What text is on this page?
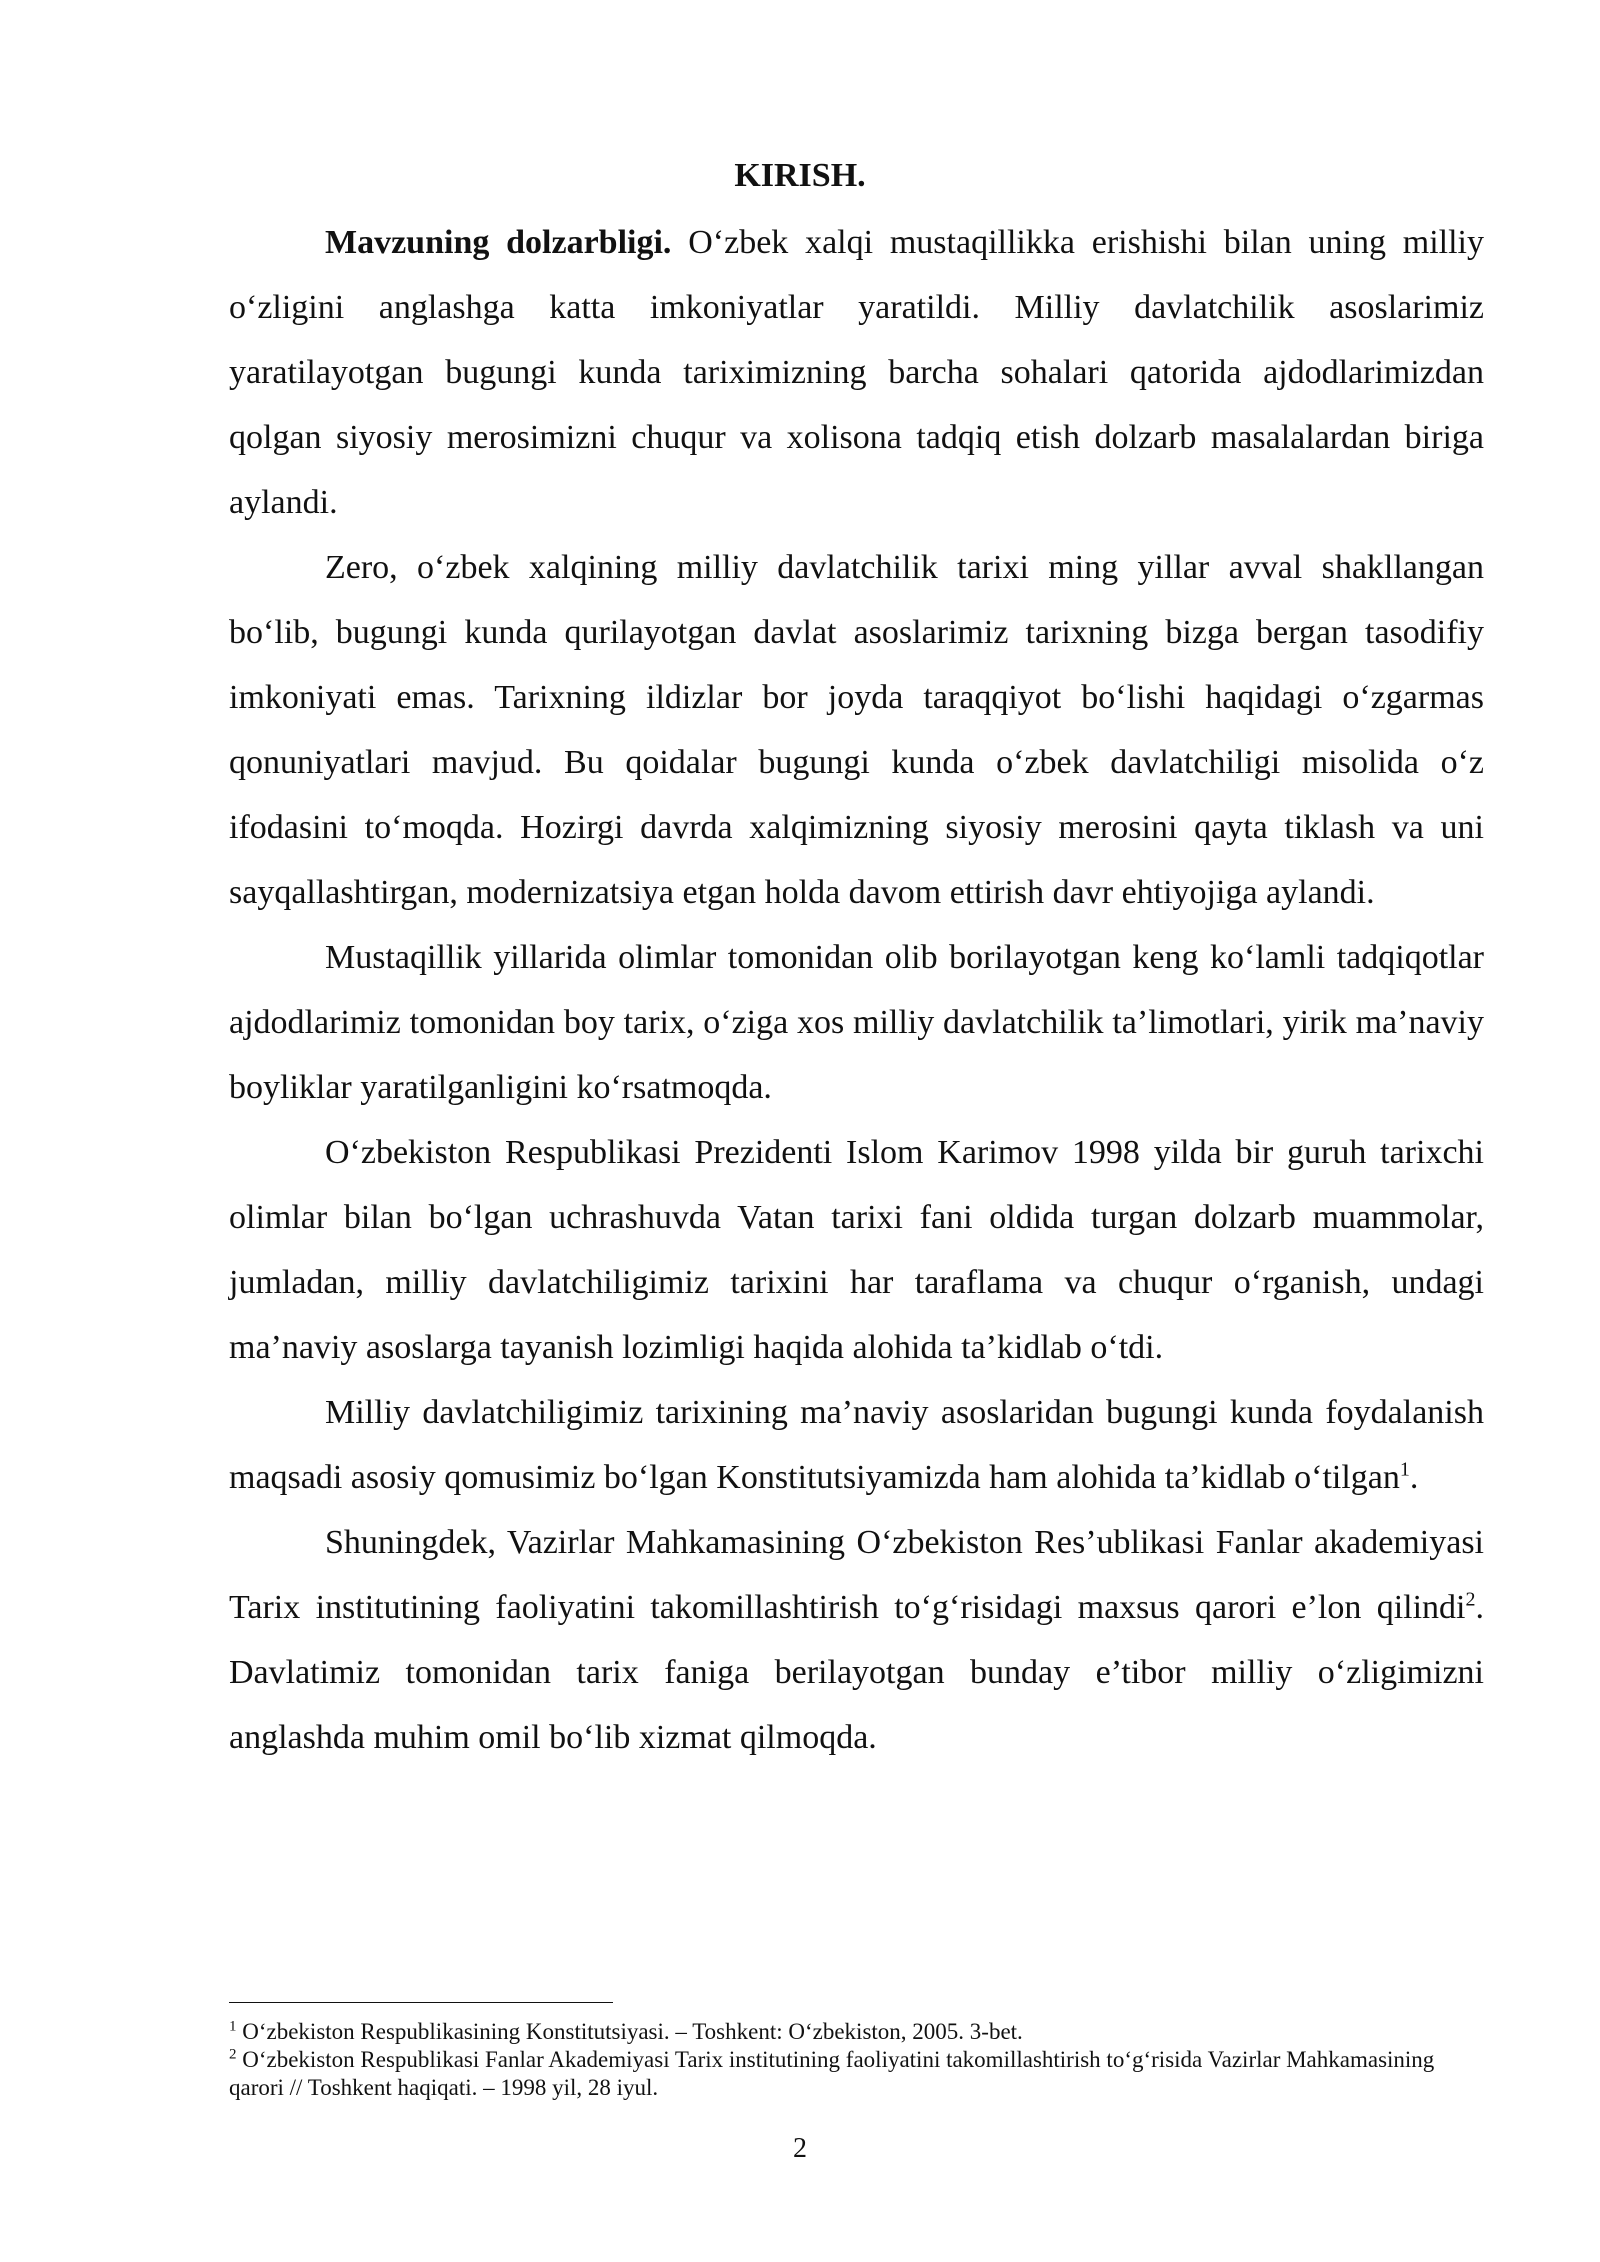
KIRISH.

Mavzuning dolzarbligi. O‘zbek xalqi mustaqillikka erishishi bilan uning milliy o‘zligini anglashga katta imkoniyatlar yaratildi. Milliy davlatchilik asoslarimiz yaratilayotgan bugungi kunda tariximizning barcha sohalari qatorida ajdodlarimizdan qolgan siyosiy merosimizni chuqur va xolisona tadqiq etish dolzarb masalalardan biriga aylandi.

Zero, o‘zbek xalqining milliy davlatchilik tarixi ming yillar avval shakllangan bo‘lib, bugungi kunda qurilayotgan davlat asoslarimiz tarixning bizga bergan tasodifiy imkoniyati emas. Tarixning ildizlar bor joyda taraqqiyot bo‘lishi haqidagi o‘zgarmas qonuniyatlari mavjud. Bu qoidalar bugungi kunda o‘zbek davlatchiligi misolida o‘z ifodasini to‘moqda. Hozirgi davrda xalqimizning siyosiy merosini qayta tiklash va uni sayqallashtirgan, modernizatsiya etgan holda davom ettirish davr ehtiyojiga aylandi.

Mustaqillik yillarida olimlar tomonidan olib borilayotgan keng ko‘lamli tadqiqotlar ajdodlarimiz tomonidan boy tarix, o‘ziga xos milliy davlatchilik ta’limotlari, yirik ma’naviy boyliklar yaratilganligini ko‘rsatmoqda.

O‘zbekiston Respublikasi Prezidenti Islom Karimov 1998 yilda bir guruh tarixchi olimlar bilan bo‘lgan uchrashuvda Vatan tarixi fani oldida turgan dolzarb muammolar, jumladan, milliy davlatchiligimiz tarixini har taraflama va chuqur o‘rganish, undagi ma’naviy asoslarga tayanish lozimligi haqida alohida ta’kidlab o‘tdi.

Milliy davlatchiligimiz tarixining ma’naviy asoslaridan bugungi kunda foydalanish maqsadi asosiy qomusimiz bo‘lgan Konstitutsiyamizda ham alohida ta’kidlab o‘tilgan$^1$.

Shuningdek, Vazirlar Mahkamasining O‘zbekiston Res’ublikasi Fanlar akademiyasi Tarix institutining faoliyatini takomillashtirish to‘g‘risidagi maxsus qarori e’lon qilindi$^2$. Davlatimiz tomonidan tarix faniga berilayotgan bunday e’tibor milliy o‘zligimizni anglashda muhim omil bo‘lib xizmat qilmoqda.

$^1$ O‘zbekiston Respublikasining Konstitutsiyasi. – Toshkent: O‘zbekiston, 2005. 3-bet.

$^2$ O‘zbekiston Respublikasi Fanlar Akademiyasi Tarix institutining faoliyatini takomillashtirish to‘g‘risida Vazirlar Mahkamasining qarori // Toshkent haqiqati. – 1998 yil, 28 iyul.

2
